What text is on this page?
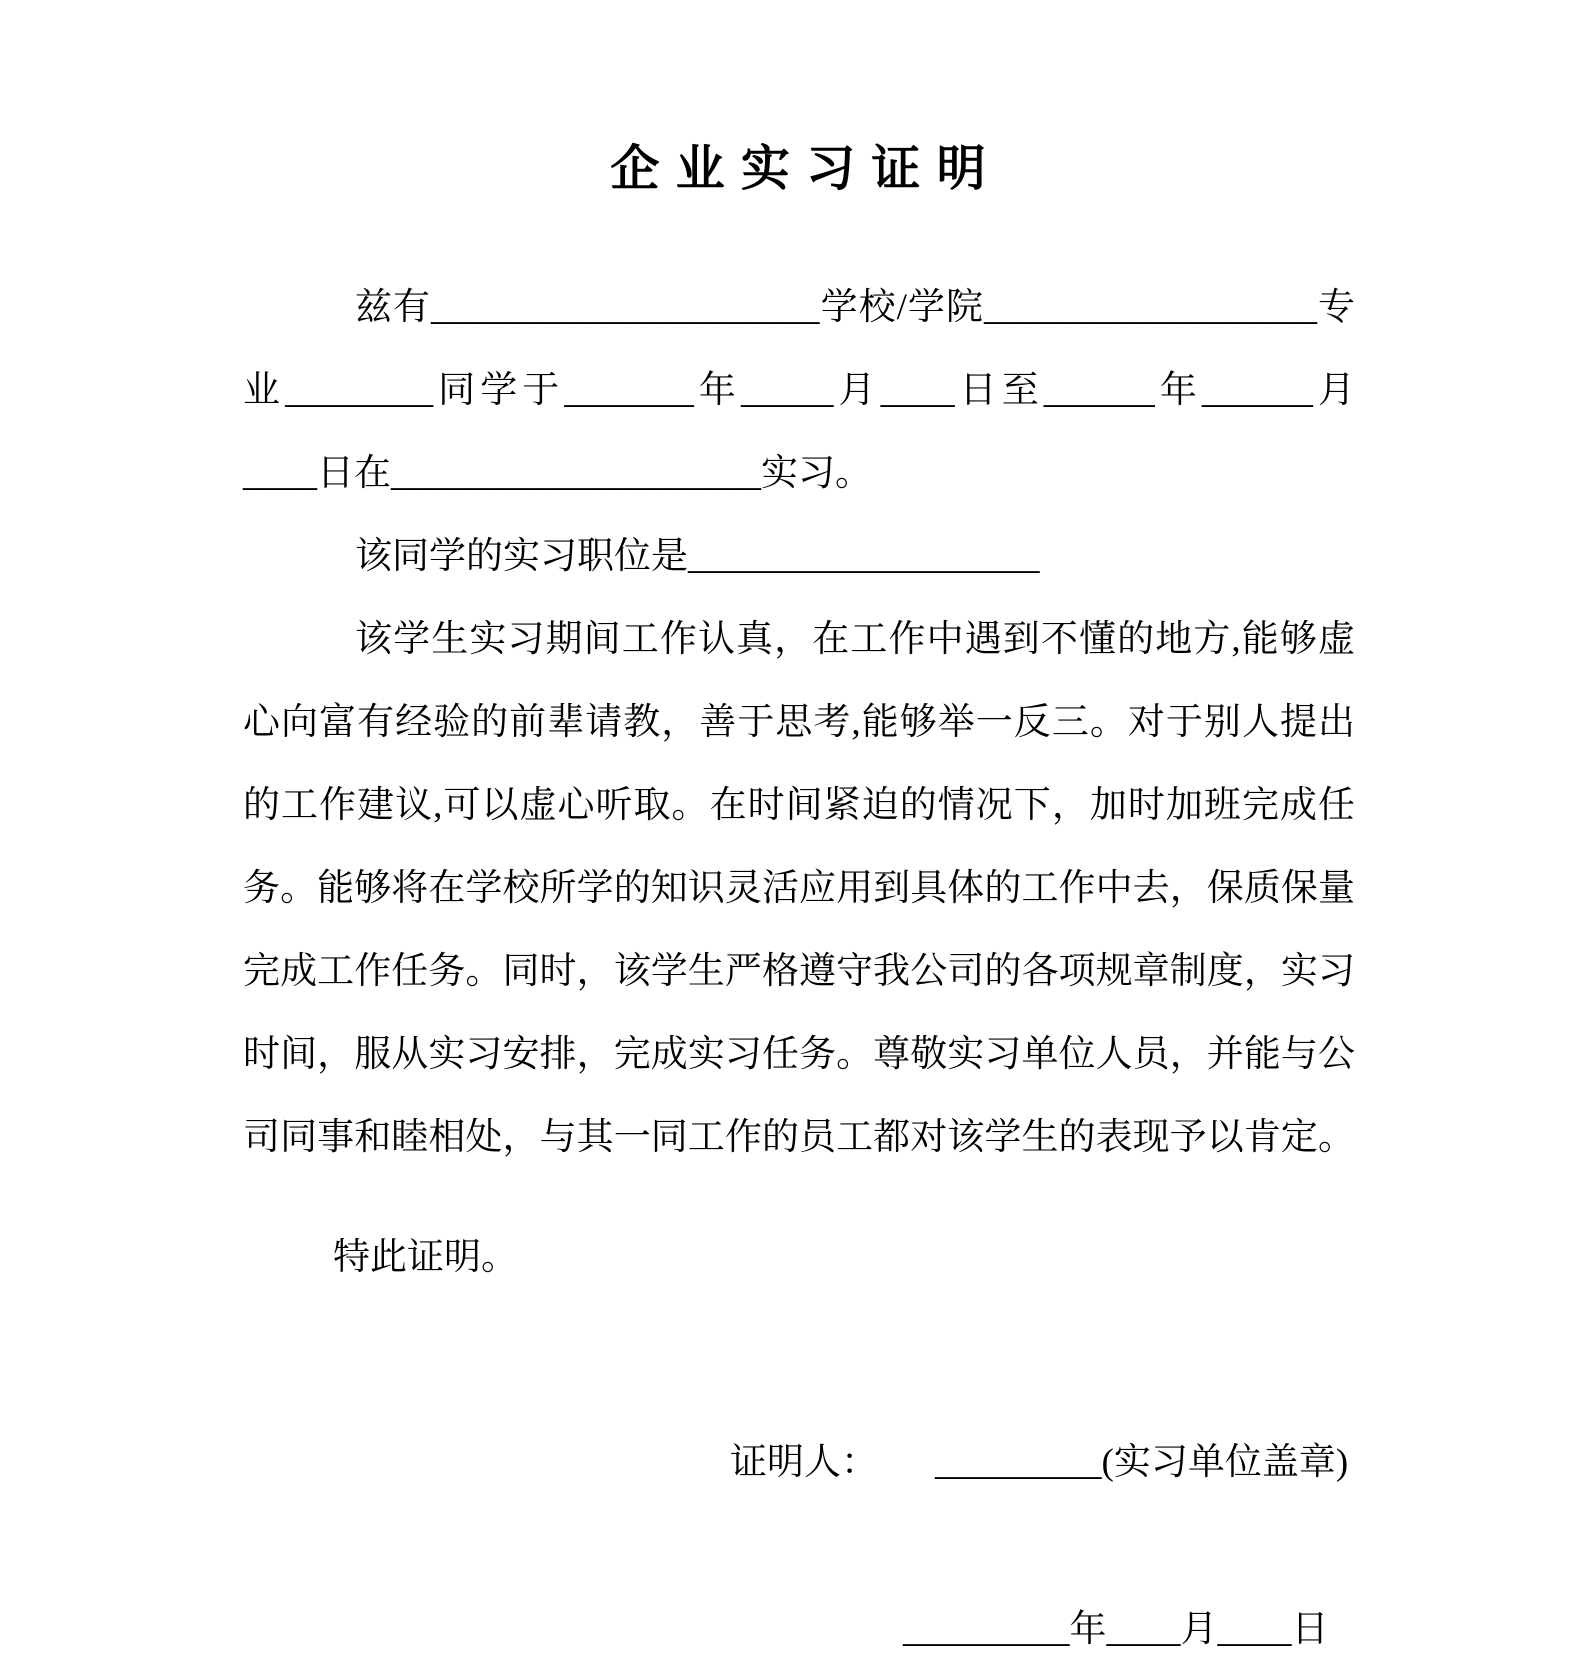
企 业 实 习 证 明
兹有_____________________学校/学院__________________专
业________同学于_______年_____月____日至______年______月
____日在____________________实习。
该同学的实习职位是___________________
该学生实习期间工作认真，在工作中遇到不懂的地方,能够虚
心向富有经验的前辈请教，善于思考,能够举一反三。对于别人提出
的工作建议,可以虚心听取。在时间紧迫的情况下，加时加班完成任
务。能够将在学校所学的知识灵活应用到具体的工作中去，保质保量
完成工作任务。同时，该学生严格遵守我公司的各项规章制度，实习
时间，服从实习安排，完成实习任务。尊敬实习单位人员，并能与公
司同事和睦相处，与其一同工作的员工都对该学生的表现予以肯定。
特此证明。
证明人： _________(实习单位盖章)
_________年____月____日
